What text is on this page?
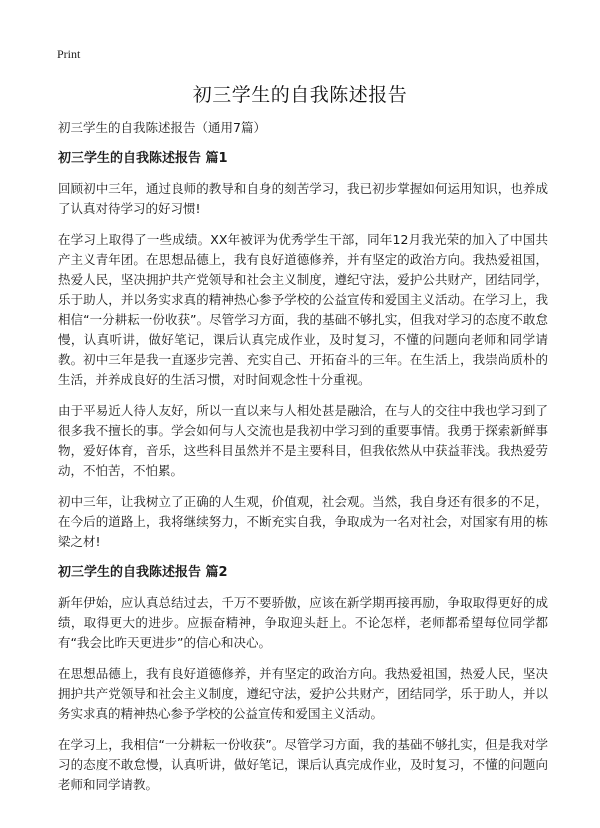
Print
初三学生的自我陈述报告

初三学生的自我陈述报告（通用7篇）

初三学生的自我陈述报告 篇1

回顾初中三年，通过良师的教导和自身的刻苦学习，我已初步掌握如何运用知识，也养成了认真对待学习的好习惯!

在学习上取得了一些成绩。XX年被评为优秀学生干部，同年12月我光荣的加入了中国共产主义青年团。在思想品德上，我有良好道德修养，并有坚定的政治方向。我热爱祖国，热爱人民，坚决拥护共产党领导和社会主义制度，遵纪守法，爱护公共财产，团结同学，乐于助人，并以务实求真的精神热心参予学校的公益宣传和爱国主义活动。在学习上，我相信“一分耕耘一份收获”。尽管学习方面，我的基础不够扎实，但我对学习的态度不敢怠慢，认真听讲，做好笔记，课后认真完成作业，及时复习，不懂的问题向老师和同学请教。初中三年是我一直逐步完善、充实自己、开拓奋斗的三年。在生活上，我崇尚质朴的生活，并养成良好的生活习惯，对时间观念性十分重视。

由于平易近人待人友好，所以一直以来与人相处甚是融洽，在与人的交往中我也学习到了很多我不擅长的事。学会如何与人交流也是我初中学习到的重要事情。我勇于探索新鲜事物，爱好体育，音乐，这些科目虽然并不是主要科目，但我依然从中获益菲浅。我热爱劳动，不怕苦，不怕累。

初中三年，让我树立了正确的人生观，价值观，社会观。当然，我自身还有很多的不足，在今后的道路上，我将继续努力，不断充实自我，争取成为一名对社会，对国家有用的栋梁之材!

初三学生的自我陈述报告 篇2

新年伊始，应认真总结过去，千万不要骄傲，应该在新学期再接再励，争取取得更好的成绩，取得更大的进步。应振奋精神，争取迎头赶上。不论怎样，老师都希望每位同学都有“我会比昨天更进步”的信心和决心。

在思想品德上，我有良好道德修养，并有坚定的政治方向。我热爱祖国，热爱人民，坚决拥护共产党领导和社会主义制度，遵纪守法，爱护公共财产，团结同学，乐于助人，并以务实求真的精神热心参予学校的公益宣传和爱国主义活动。

在学习上，我相信“一分耕耘一份收获”。尽管学习方面，我的基础不够扎实，但是我对学习的态度不敢怠慢，认真听讲，做好笔记，课后认真完成作业，及时复习，不懂的问题向老师和同学请教。
